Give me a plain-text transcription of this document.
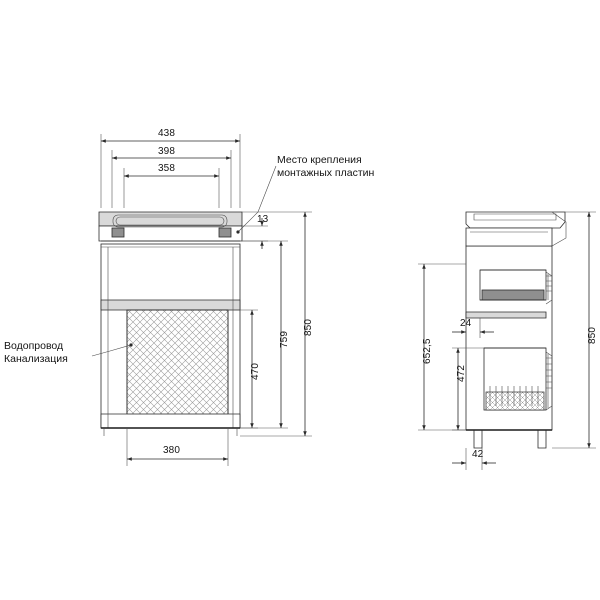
438
398
358
13
850
759
470
380
850
652,5
472
24
42
Место крепления
монтажных пластин
Водопровод
Канализация
